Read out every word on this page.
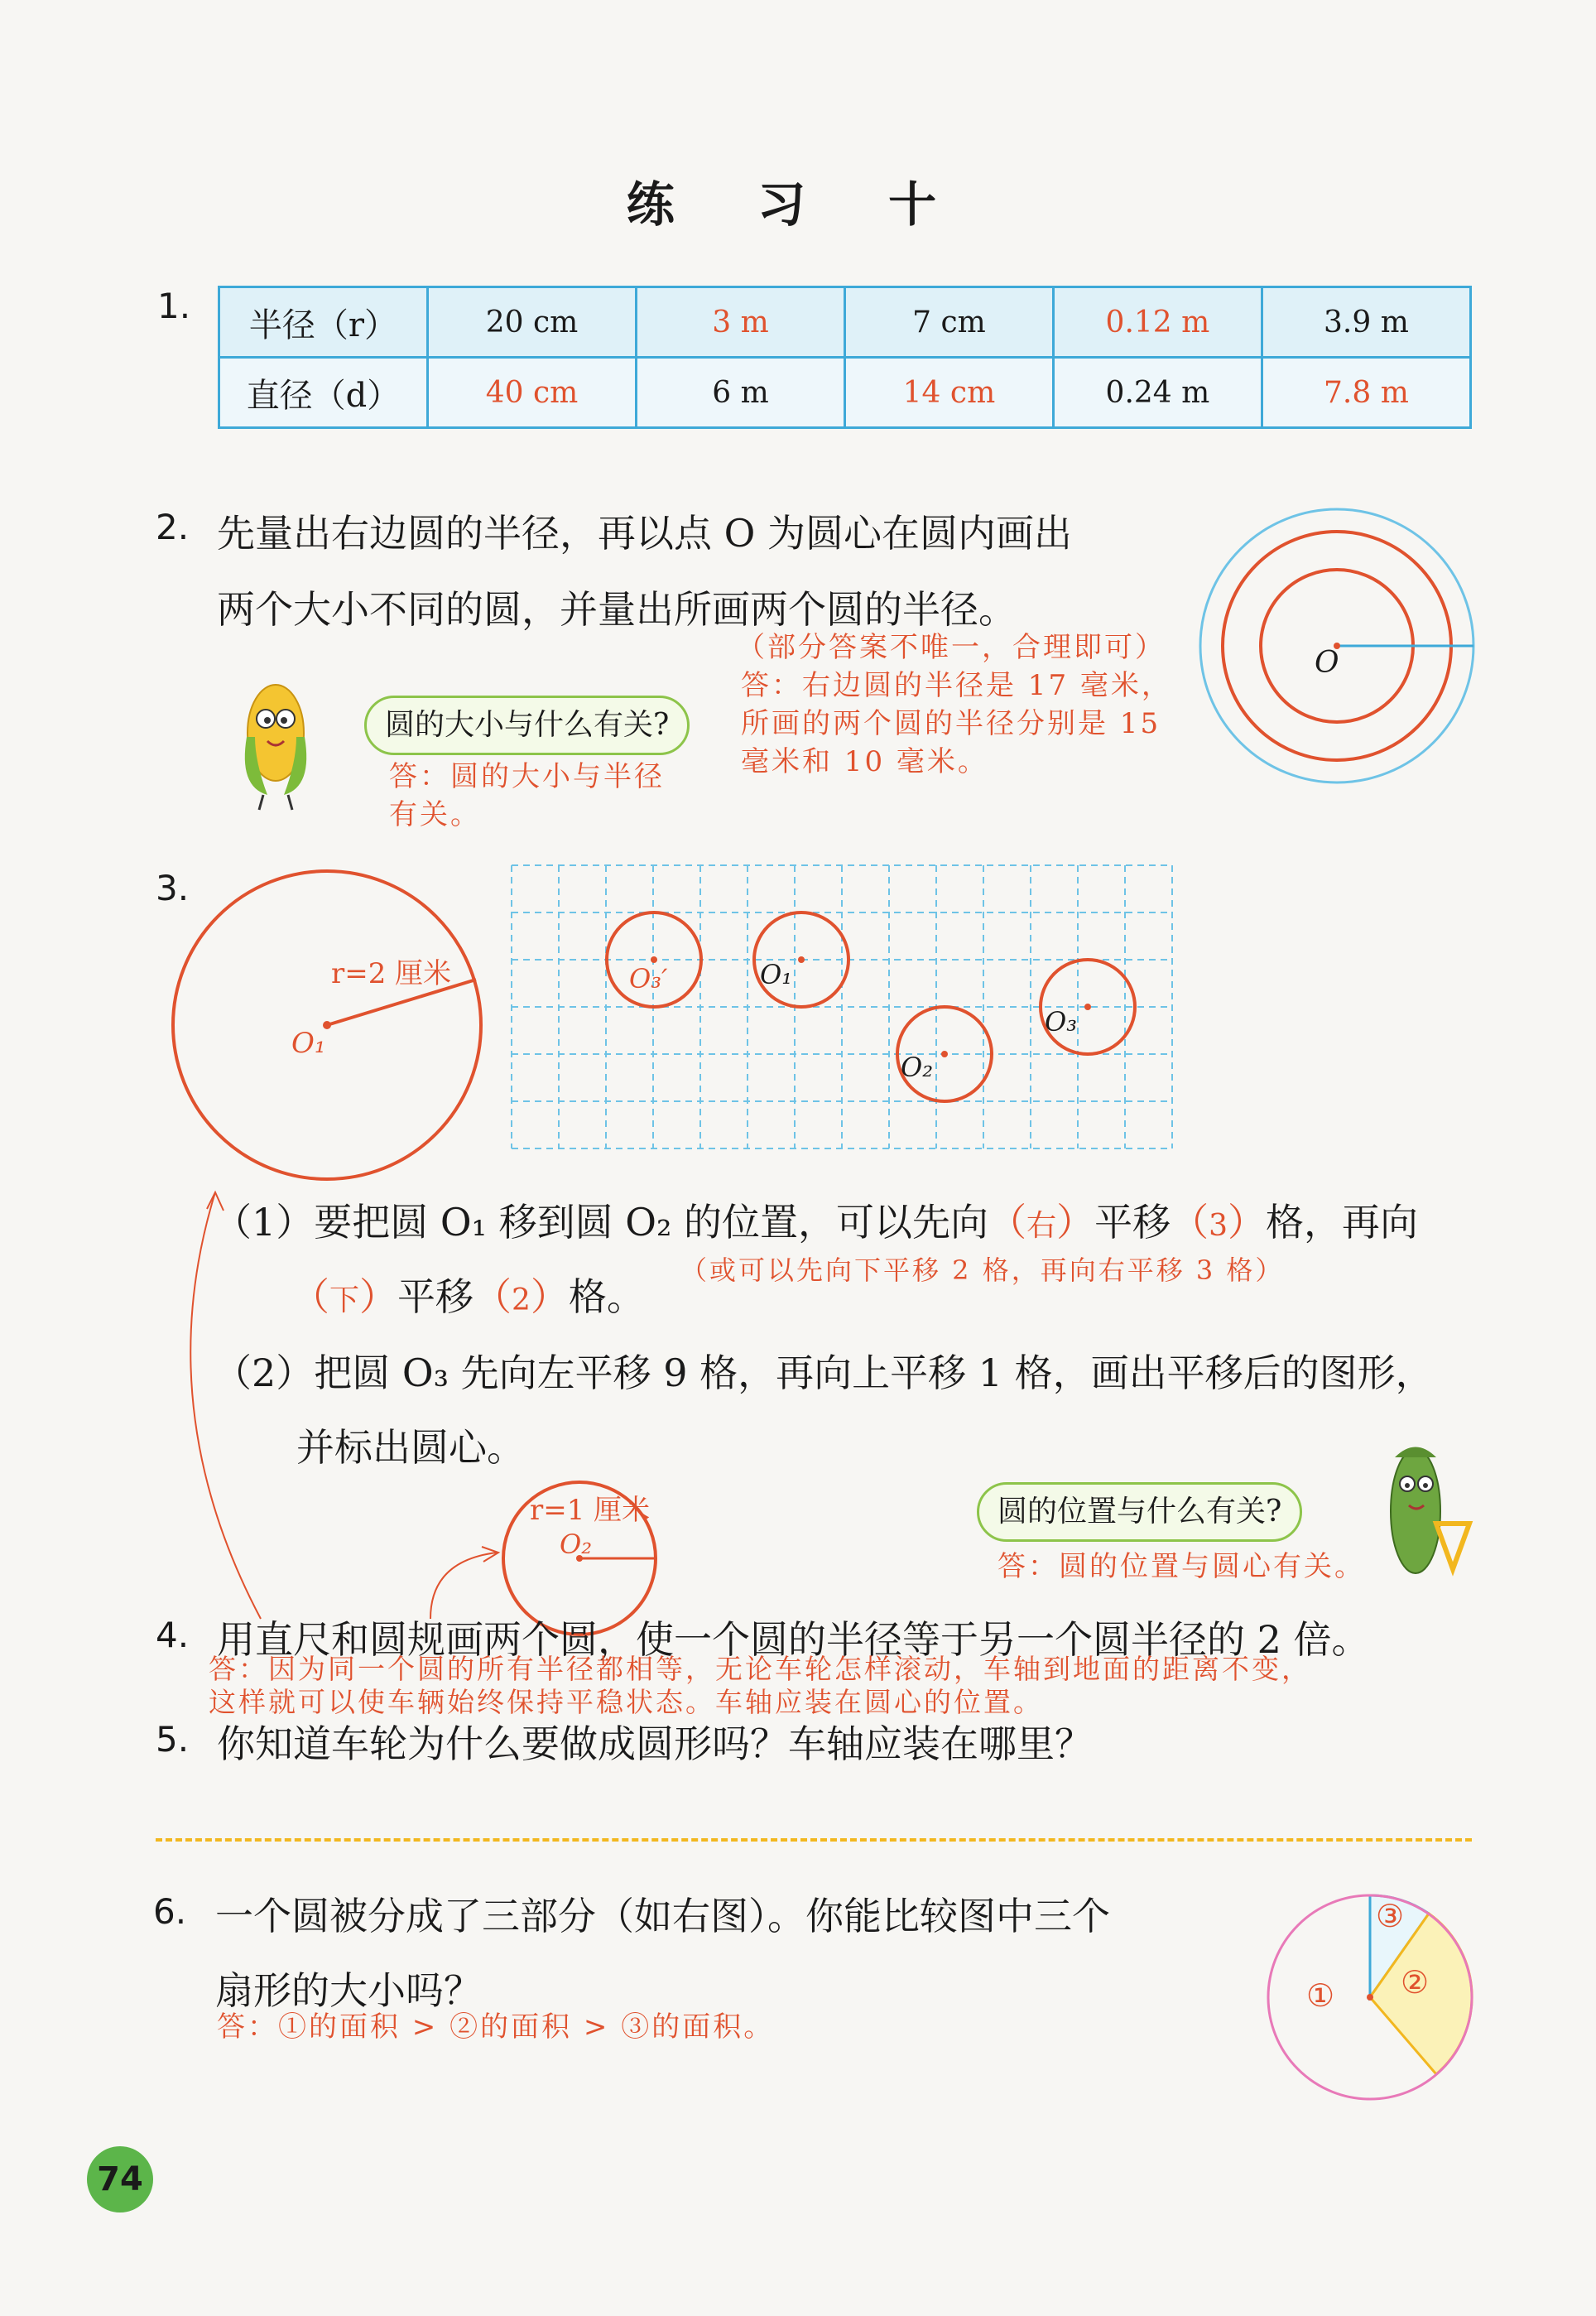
练 习 十
1. 半径（r）	20 cm	3 m	7 cm	0.12 m	3.9 m
直径（d）	40 cm	6 m	14 cm	0.24 m	7.8 m
2. 先量出右边圆的半径，再以点 O 为圆心在圆内画出
两个大小不同的圆，并量出所画两个圆的半径。
（部分答案不唯一，合理即可）
答：右边圆的半径是 17 毫米，
所画的两个圆的半径分别是 15
毫米和 10 毫米。
O
圆的大小与什么有关?
答：圆的大小与半径
有关。
3.
r=2 厘米
O₁
O₃′	O₁
O₂
O₃
（1）要把圆 O₁ 移到圆 O₂ 的位置，可以先向（右）平移（3）格，再向
（下）平移（2）格。
（或可以先向下平移 2 格，再向右平移 3 格）
（2）把圆 O₃ 先向左平移 9 格，再向上平移 1 格，画出平移后的图形，
并标出圆心。
r=1 厘米
O₂
圆的位置与什么有关?
答：圆的位置与圆心有关。
4. 用直尺和圆规画两个圆，使一个圆的半径等于另一个圆半径的 2 倍。
答：因为同一个圆的所有半径都相等，无论车轮怎样滚动，车轴到地面的距离不变，
这样就可以使车辆始终保持平稳状态。车轴应装在圆心的位置。
5. 你知道车轮为什么要做成圆形吗？车轴应装在哪里？
6. 一个圆被分成了三部分（如右图）。你能比较图中三个
扇形的大小吗？
答：①的面积 > ②的面积 > ③的面积。
① ②
③
74
